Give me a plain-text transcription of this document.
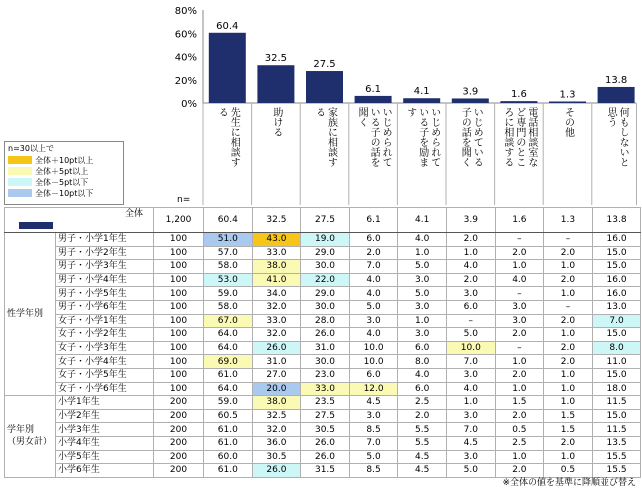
0%
20%
40%
60%
80%
60.4
32.5
27.5
6.1	4.1	3.9	1.6	1.3
13.8
先生に相談す
る	助ける	家族に相談す
る	いじめられて
いる子の話を
聞く	いじめられて
いる子を励ま
す	いじめている
子の話を聞く	電話相談室な
ど専門のとこ
ろに相談する	その他	何もしないと
思う
n=30以上で
全体＋10pt以上
全体＋5pt以上
全体－5pt以下
全体－10pt以下
n=
全体		1,200	60.4	32.5	27.5	6.1	4.1	3.9	1.6	1.3	13.8
性学年別	男子・小学1年生	100	51.0	43.0	19.0	6.0	4.0	2.0	–	–	16.0
	男子・小学2年生	100	57.0	33.0	29.0	2.0	1.0	1.0	2.0	2.0	15.0
	男子・小学3年生	100	58.0	38.0	30.0	7.0	5.0	4.0	1.0	1.0	15.0
	男子・小学4年生	100	53.0	41.0	22.0	4.0	3.0	2.0	4.0	2.0	16.0
	男子・小学5年生	100	59.0	34.0	29.0	4.0	5.0	3.0	–	1.0	16.0
	男子・小学6年生	100	58.0	32.0	30.0	5.0	3.0	6.0	3.0	–	13.0
	女子・小学1年生	100	67.0	33.0	28.0	3.0	1.0	–	3.0	2.0	7.0
	女子・小学2年生	100	64.0	32.0	26.0	4.0	3.0	5.0	2.0	1.0	15.0
	女子・小学3年生	100	64.0	26.0	31.0	10.0	6.0	10.0	–	2.0	8.0
	女子・小学4年生	100	69.0	31.0	30.0	10.0	8.0	7.0	1.0	2.0	11.0
	女子・小学5年生	100	61.0	27.0	23.0	6.0	4.0	3.0	2.0	1.0	15.0
	女子・小学6年生	100	64.0	20.0	33.0	12.0	6.0	4.0	1.0	1.0	18.0
学年別
（男女計）	小学1年生	200	59.0	38.0	23.5	4.5	2.5	1.0	1.5	1.0	11.5
	小学2年生	200	60.5	32.5	27.5	3.0	2.0	3.0	2.0	1.5	15.0
	小学3年生	200	61.0	32.0	30.5	8.5	5.5	7.0	0.5	1.5	11.5
	小学4年生	200	61.0	36.0	26.0	7.0	5.5	4.5	2.5	2.0	13.5
	小学5年生	200	60.0	30.5	26.0	5.0	4.5	3.0	1.0	1.0	15.5
	小学6年生	200	61.0	26.0	31.5	8.5	4.5	5.0	2.0	0.5	15.5
※全体の値を基準に降順並び替え
